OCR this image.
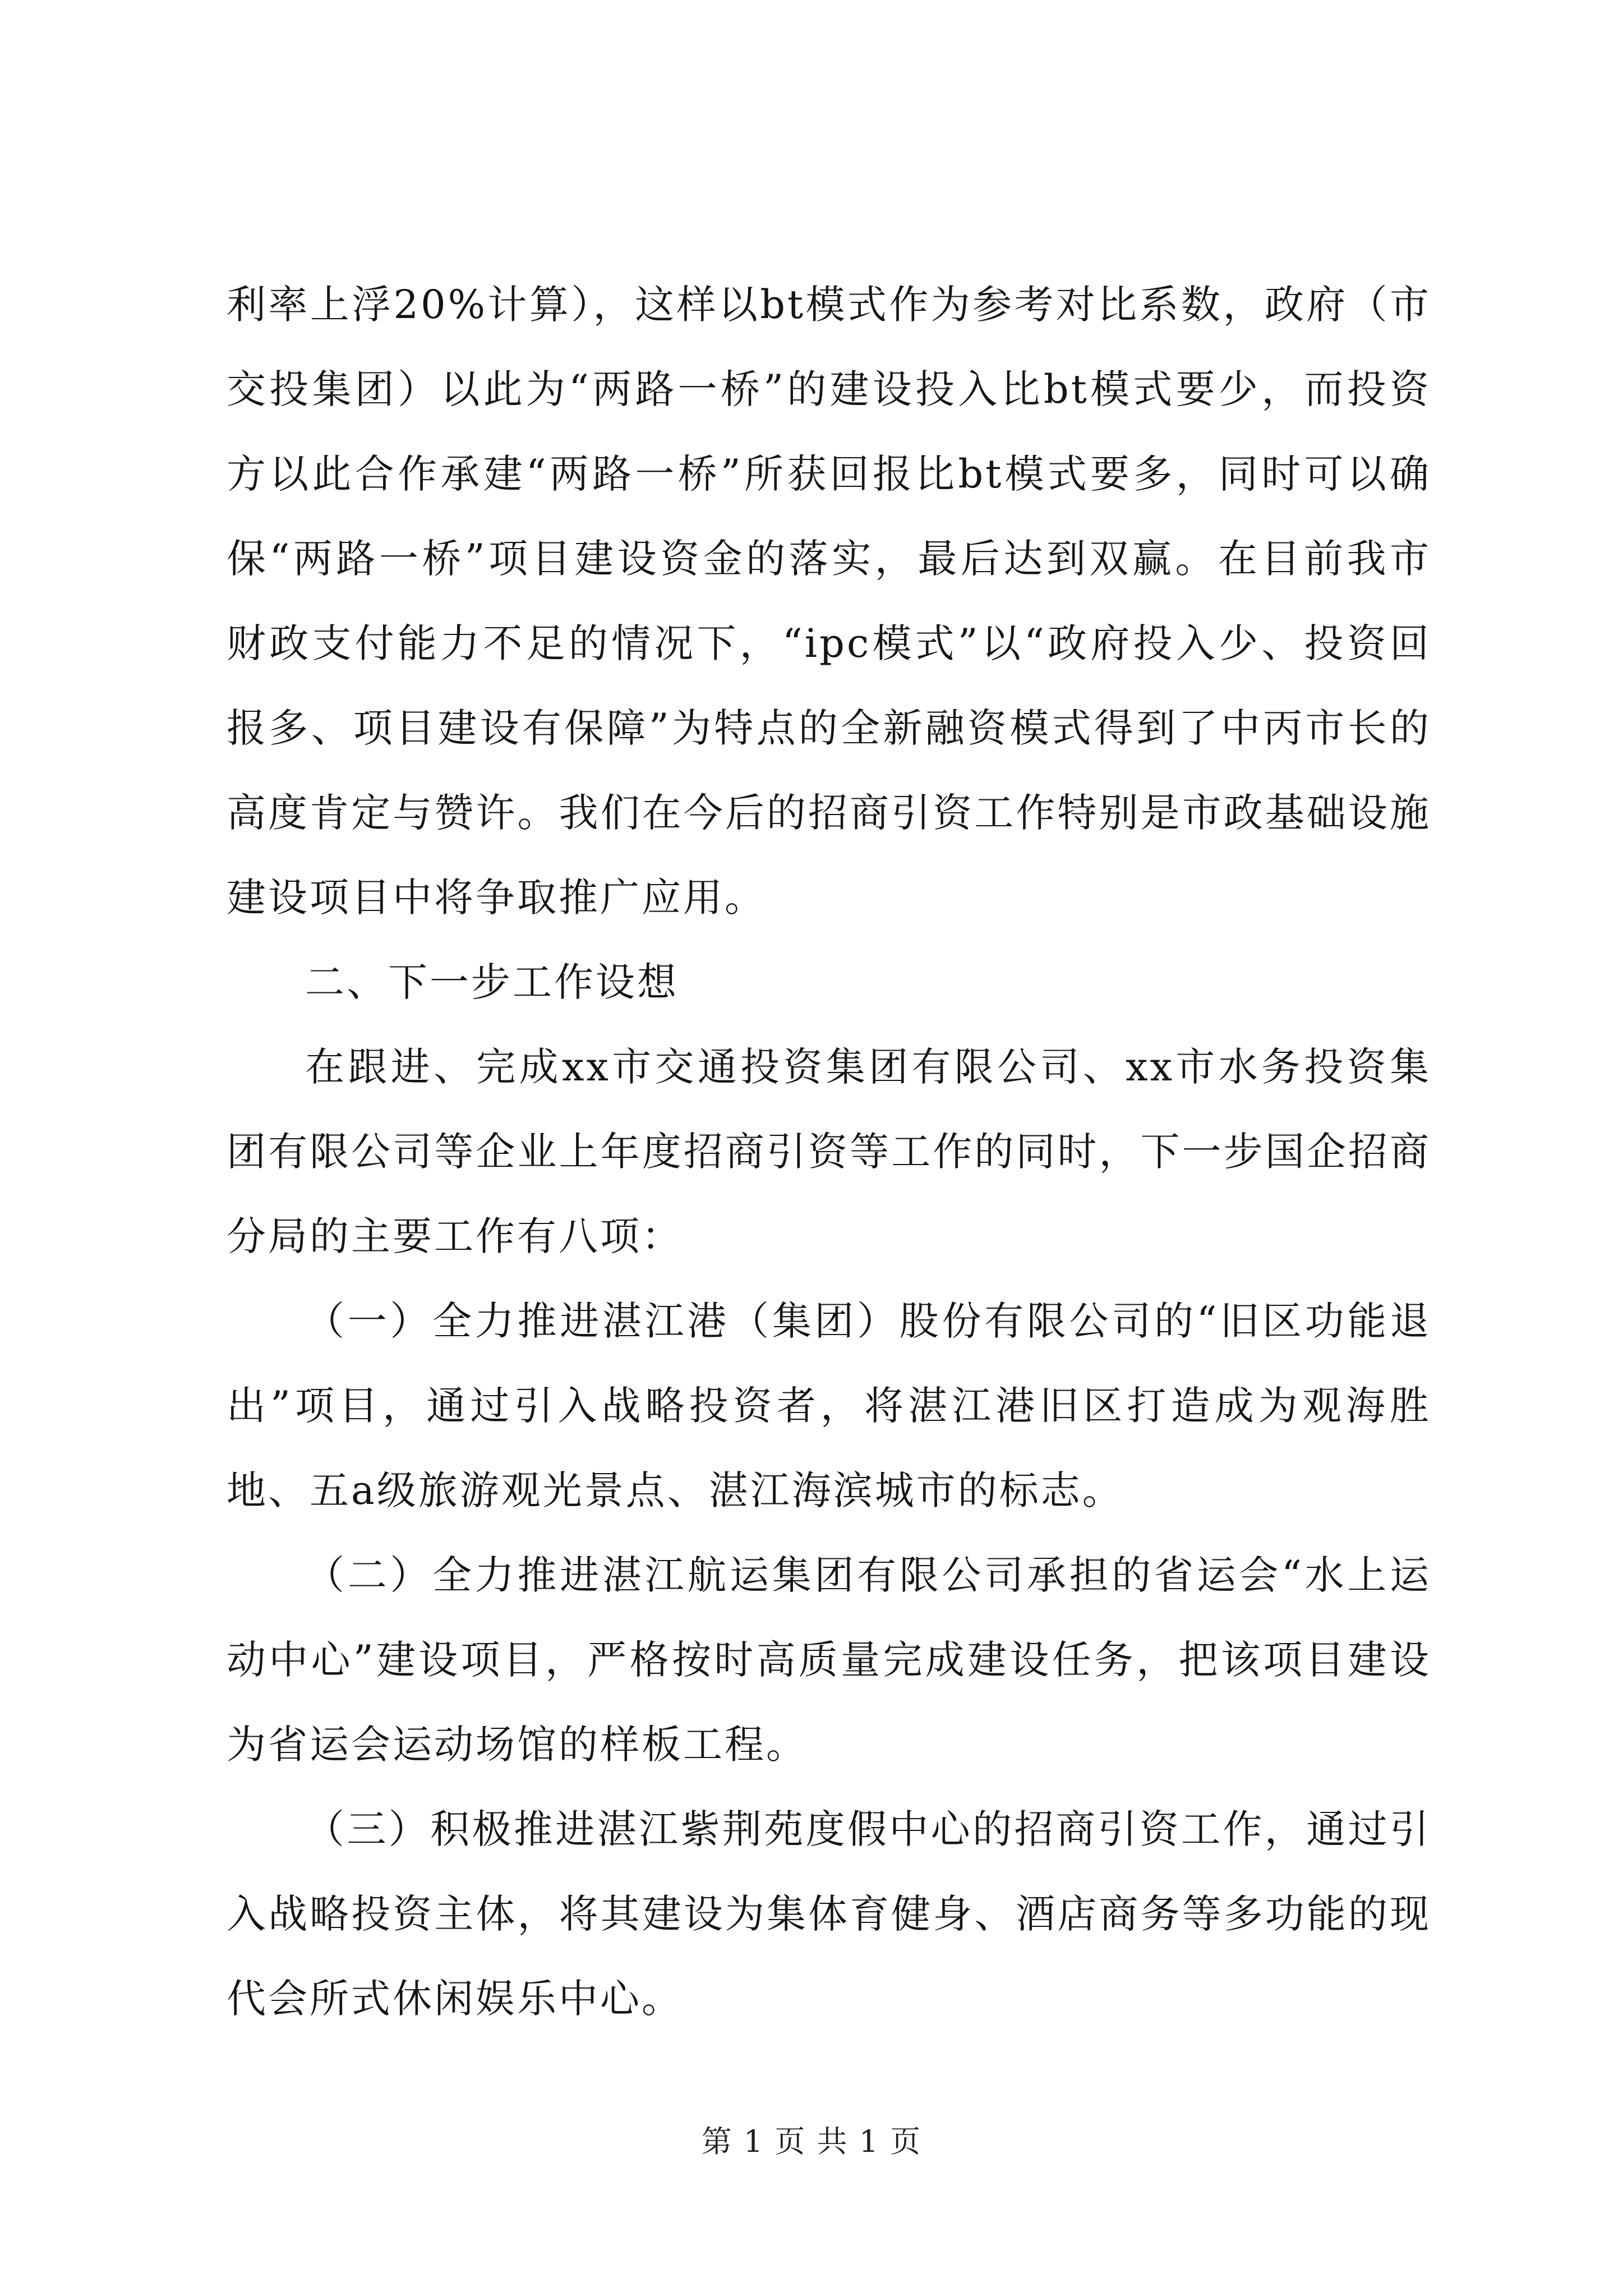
利率上浮20%计算），这样以bt模式作为参考对比系数，政府（市交投集团）以此为“两路一桥”的建设投入比bt模式要少，而投资方以此合作承建“两路一桥”所获回报比bt模式要多，同时可以确保“两路一桥”项目建设资金的落实，最后达到双赢。在目前我市财政支付能力不足的情况下，“ipc模式”以“政府投入少、投资回报多、项目建设有保障”为特点的全新融资模式得到了中丙市长的高度肯定与赞许。我们在今后的招商引资工作特别是市政基础设施建设项目中将争取推广应用。

二、下一步工作设想

在跟进、完成xx市交通投资集团有限公司、xx市水务投资集团有限公司等企业上年度招商引资等工作的同时，下一步国企招商分局的主要工作有八项：

（一）全力推进湛江港（集团）股份有限公司的“旧区功能退出”项目，通过引入战略投资者，将湛江港旧区打造成为观海胜地、五a级旅游观光景点、湛江海滨城市的标志。

（二）全力推进湛江航运集团有限公司承担的省运会“水上运动中心”建设项目，严格按时高质量完成建设任务，把该项目建设为省运会运动场馆的样板工程。

（三）积极推进湛江紫荆苑度假中心的招商引资工作，通过引入战略投资主体，将其建设为集体育健身、酒店商务等多功能的现代会所式休闲娱乐中心。

第 1 页 共 1 页
